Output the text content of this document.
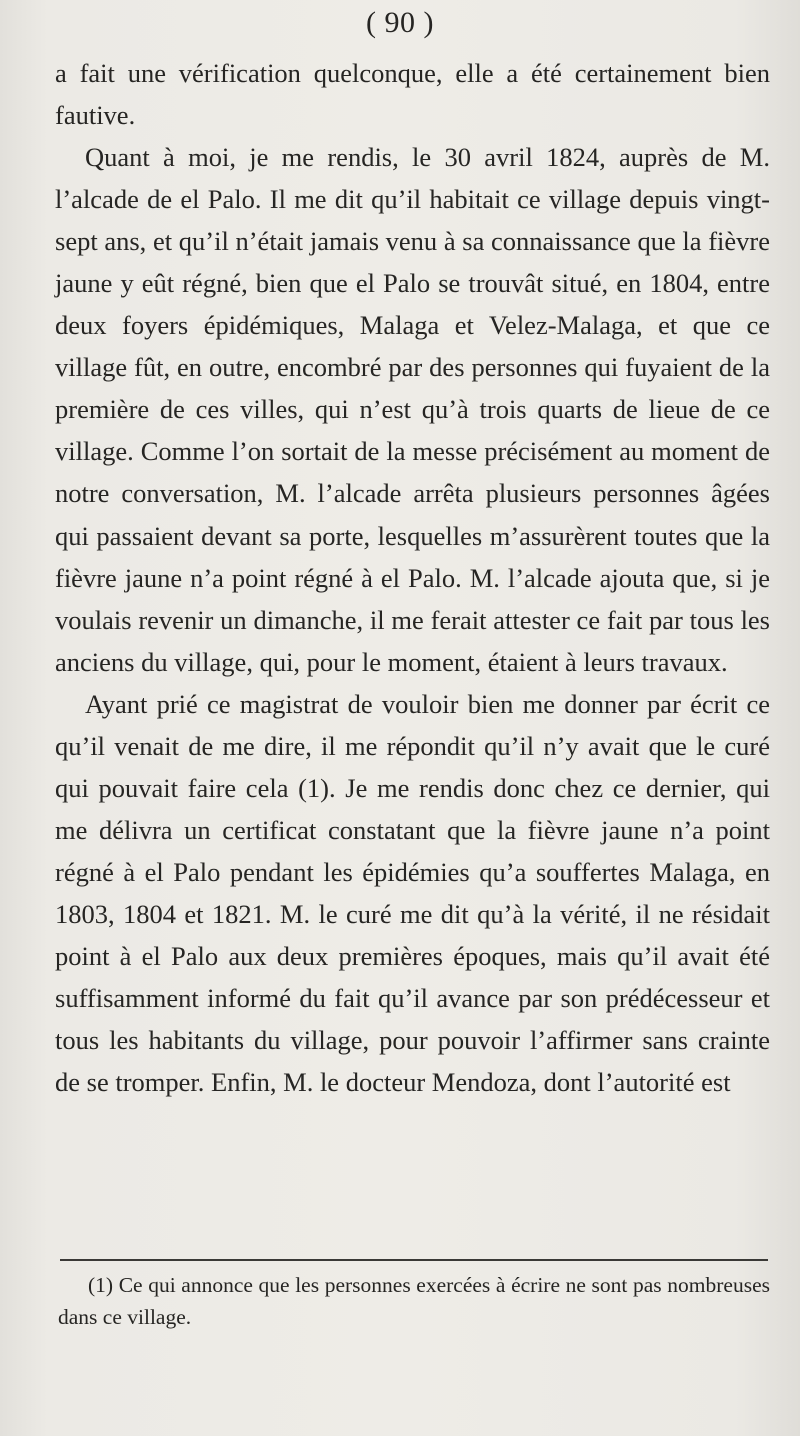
( 90 )

a fait une vérification quelconque, elle a été certainement bien fautive.

Quant à moi, je me rendis, le 30 avril 1824, auprès de M. l’alcade de el Palo. Il me dit qu’il habitait ce village depuis vingt-sept ans, et qu’il n’était jamais venu à sa connaissance que la fièvre jaune y eût régné, bien que el Palo se trouvât situé, en 1804, entre deux foyers épidémiques, Malaga et Velez-Malaga, et que ce village fût, en outre, encombré par des personnes qui fuyaient de la première de ces villes, qui n’est qu’à trois quarts de lieue de ce village. Comme l’on sortait de la messe précisément au moment de notre conversation, M. l’alcade arrêta plusieurs personnes âgées qui passaient devant sa porte, lesquelles m’assurèrent toutes que la fièvre jaune n’a point régné à el Palo. M. l’alcade ajouta que, si je voulais revenir un dimanche, il me ferait attester ce fait par tous les anciens du village, qui, pour le moment, étaient à leurs travaux.

Ayant prié ce magistrat de vouloir bien me donner par écrit ce qu’il venait de me dire, il me répondit qu’il n’y avait que le curé qui pouvait faire cela (1). Je me rendis donc chez ce dernier, qui me délivra un certificat constatant que la fièvre jaune n’a point régné à el Palo pendant les épidémies qu’a souffertes Malaga, en 1803, 1804 et 1821. M. le curé me dit qu’à la vérité, il ne résidait point à el Palo aux deux premières époques, mais qu’il avait été suffisamment informé du fait qu’il avance par son prédécesseur et tous les habitants du village, pour pouvoir l’affirmer sans crainte de se tromper. Enfin, M. le docteur Mendoza, dont l’autorité est

(1) Ce qui annonce que les personnes exercées à écrire ne sont pas nombreuses dans ce village.
